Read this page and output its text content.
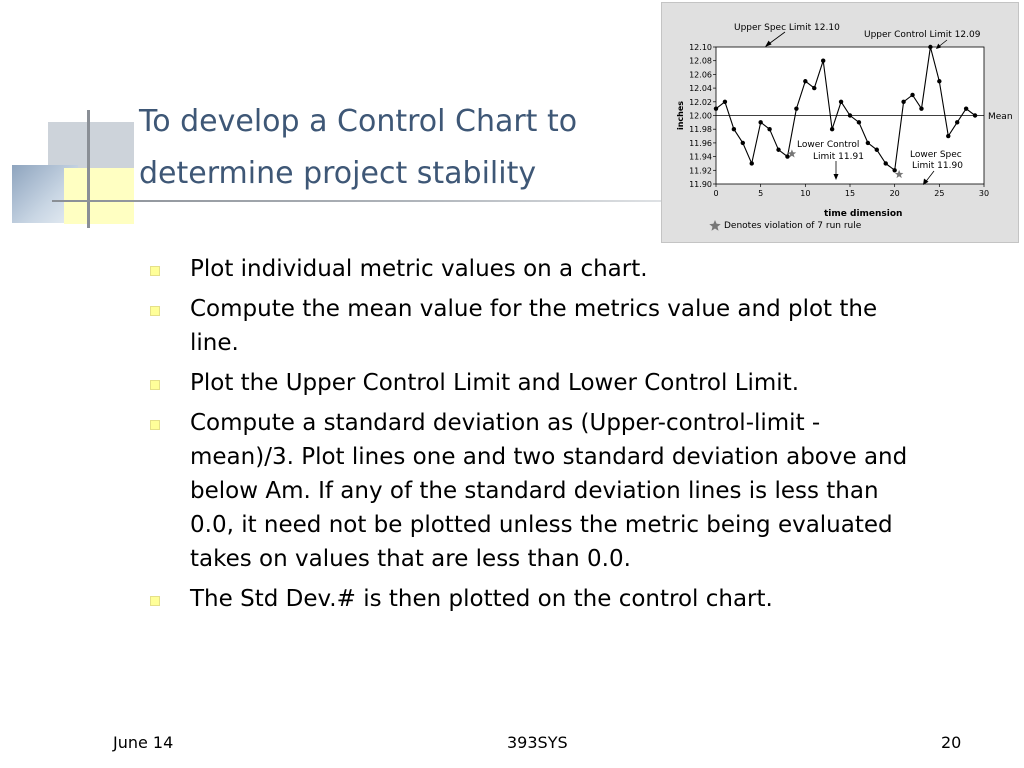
To develop a Control Chart to
determine project stability
12.10
12.08
12.06
12.04
12.02
12.00
11.98
11.96
11.94
11.92
11.90
0	5	10	15	20	25	30
Upper Spec Limit 12.10
Upper Control Limit 12.09
Mean
Lower Control
Limit 11.91	Lower Spec
Limit 11.90
time dimension
inches
Denotes violation of 7 run rule
Plot individual metric values on a chart.
Compute the mean value for the metrics value and plot the line.
Plot the Upper Control Limit and Lower Control Limit.
Compute a standard deviation as (Upper-control-limit - mean)/3. Plot lines one and two standard deviation above and below Am. If any of the standard deviation lines is less than 0.0, it need not be plotted unless the metric being evaluated takes on values that are less than 0.0.
The Std Dev.# is then plotted on the control chart.
June 14	393SYS	20
